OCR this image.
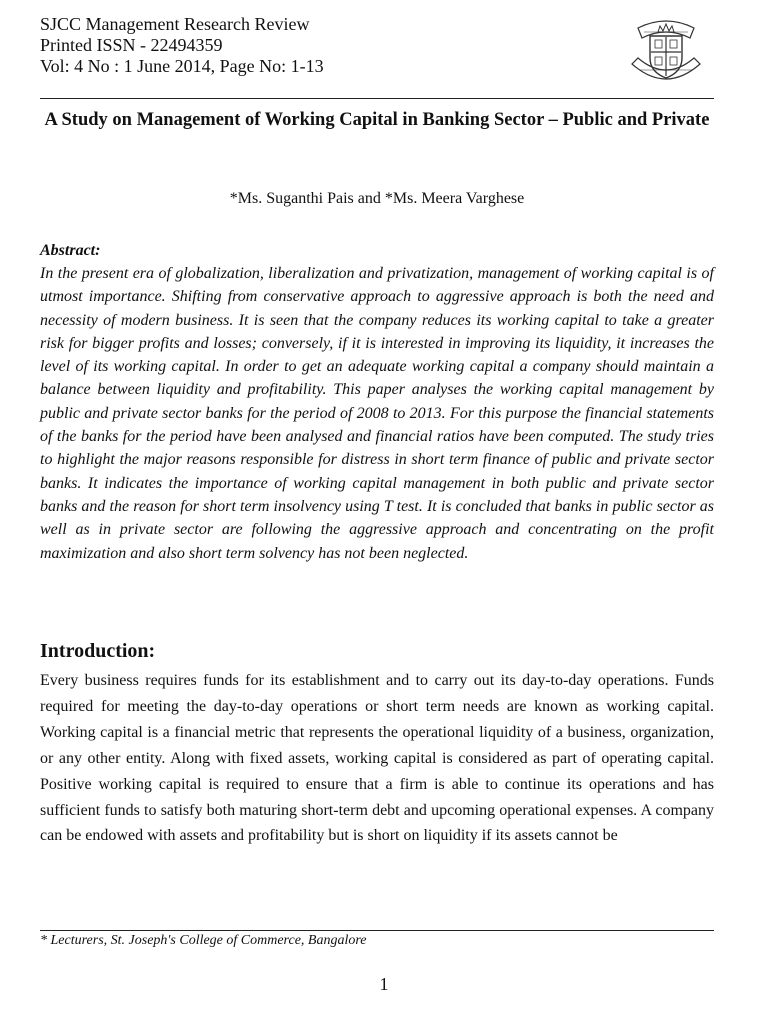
SJCC Management Research Review
Printed ISSN - 22494359
Vol: 4 No : 1 June 2014, Page No: 1-13
A Study on Management of Working Capital in Banking Sector – Public and Private
*Ms. Suganthi Pais and *Ms. Meera Varghese
Abstract:

In the present era of globalization, liberalization and privatization, management of working capital is of utmost importance. Shifting from conservative approach to aggressive approach is both the need and necessity of modern business. It is seen that the company reduces its working capital to take a greater risk for bigger profits and losses; conversely, if it is interested in improving its liquidity, it increases the level of its working capital. In order to get an adequate working capital a company should maintain a balance between liquidity and profitability. This paper analyses the working capital management by public and private sector banks for the period of 2008 to 2013. For this purpose the financial statements of the banks for the period have been analysed and financial ratios have been computed. The study tries to highlight the major reasons responsible for distress in short term finance of public and private sector banks. It indicates the importance of working capital management in both public and private sector banks and the reason for short term insolvency using T test. It is concluded that banks in public sector as well as in private sector are following the aggressive approach and concentrating on the profit maximization and also short term solvency has not been neglected.

Introduction:

Every business requires funds for its establishment and to carry out its day-to-day operations. Funds required for meeting the day-to-day operations or short term needs are known as working capital. Working capital is a financial metric that represents the operational liquidity of a business, organization, or any other entity. Along with fixed assets, working capital is considered as part of operating capital. Positive working capital is required to ensure that a firm is able to continue its operations and has sufficient funds to satisfy both maturing short-term debt and upcoming operational expenses. A company can be endowed with assets and profitability but is short on liquidity if its assets cannot be

* Lecturers, St. Joseph's College of Commerce, Bangalore
1
